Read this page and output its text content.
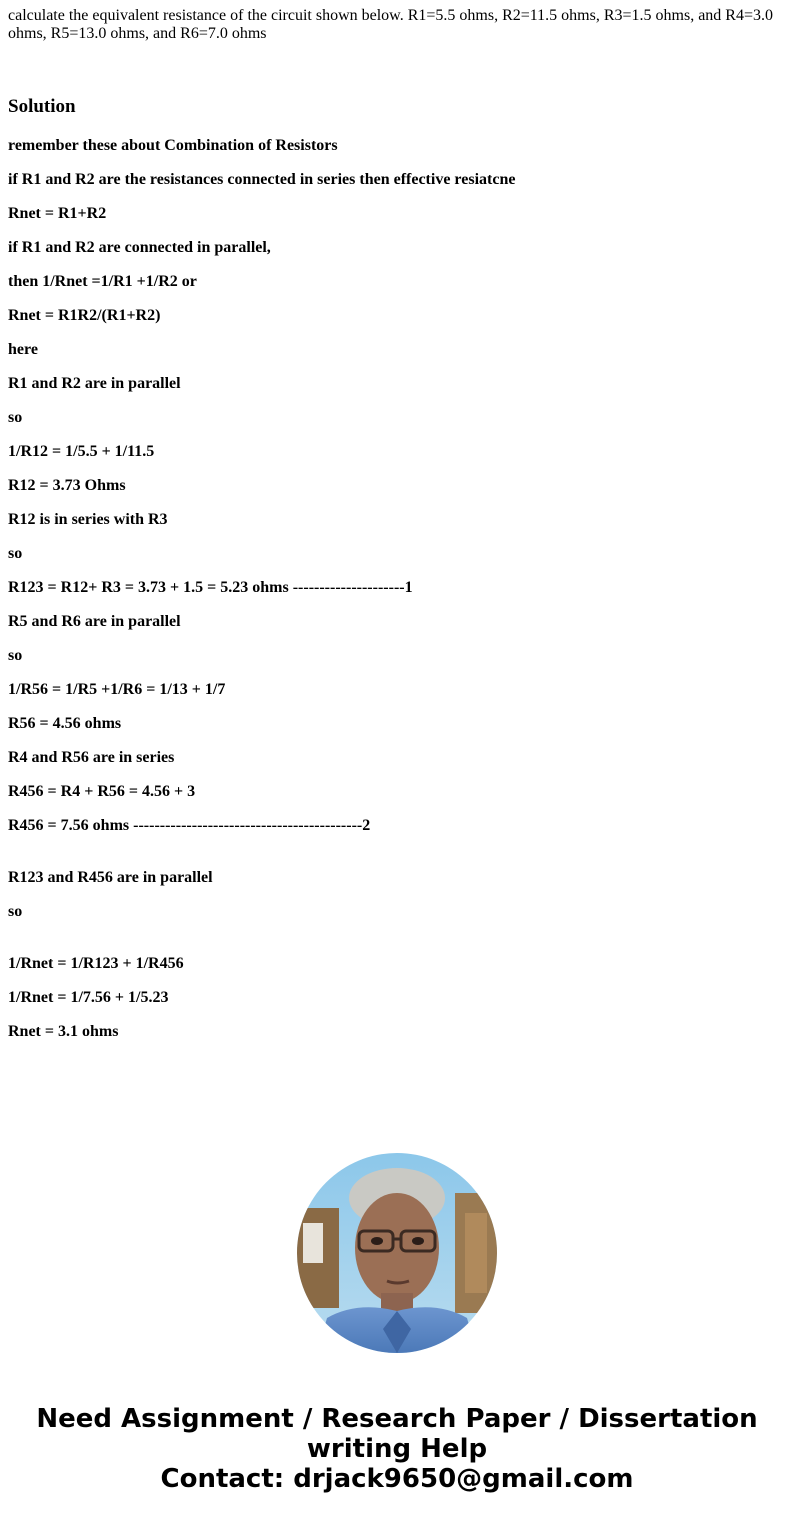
calculate the equivalent resistance of the circuit shown below. R1=5.5 ohms, R2=11.5 ohms, R3=1.5 ohms, and R4=3.0 ohms, R5=13.0 ohms, and R6=7.0 ohms
Solution
remember these about Combination of Resistors
if R1 and R2 are the resistances connected in series then effective resiatcne
Rnet = R1+R2
if R1 and R2 are connected in parallel,
then 1/Rnet =1/R1 +1/R2 or
Rnet = R1R2/(R1+R2)
here
R1 and R2 are in parallel
so
1/R12 = 1/5.5 + 1/11.5
R12 = 3.73 Ohms
R12 is in series with R3
so
R123 = R12+ R3 = 3.73 + 1.5 = 5.23 ohms ---------------------1
R5 and R6 are in parallel
so
1/R56 = 1/R5 +1/R6 = 1/13 + 1/7
R56 = 4.56 ohms
R4 and R56 are in series
R456 = R4 + R56 = 4.56 + 3
R456 = 7.56 ohms -------------------------------------------2
R123 and R456 are in parallel
so
1/Rnet = 1/R123 + 1/R456
1/Rnet = 1/7.56 + 1/5.23
Rnet = 3.1 ohms
Need Assignment / Research Paper / Dissertation
writing Help
Contact: drjack9650@gmail.com
